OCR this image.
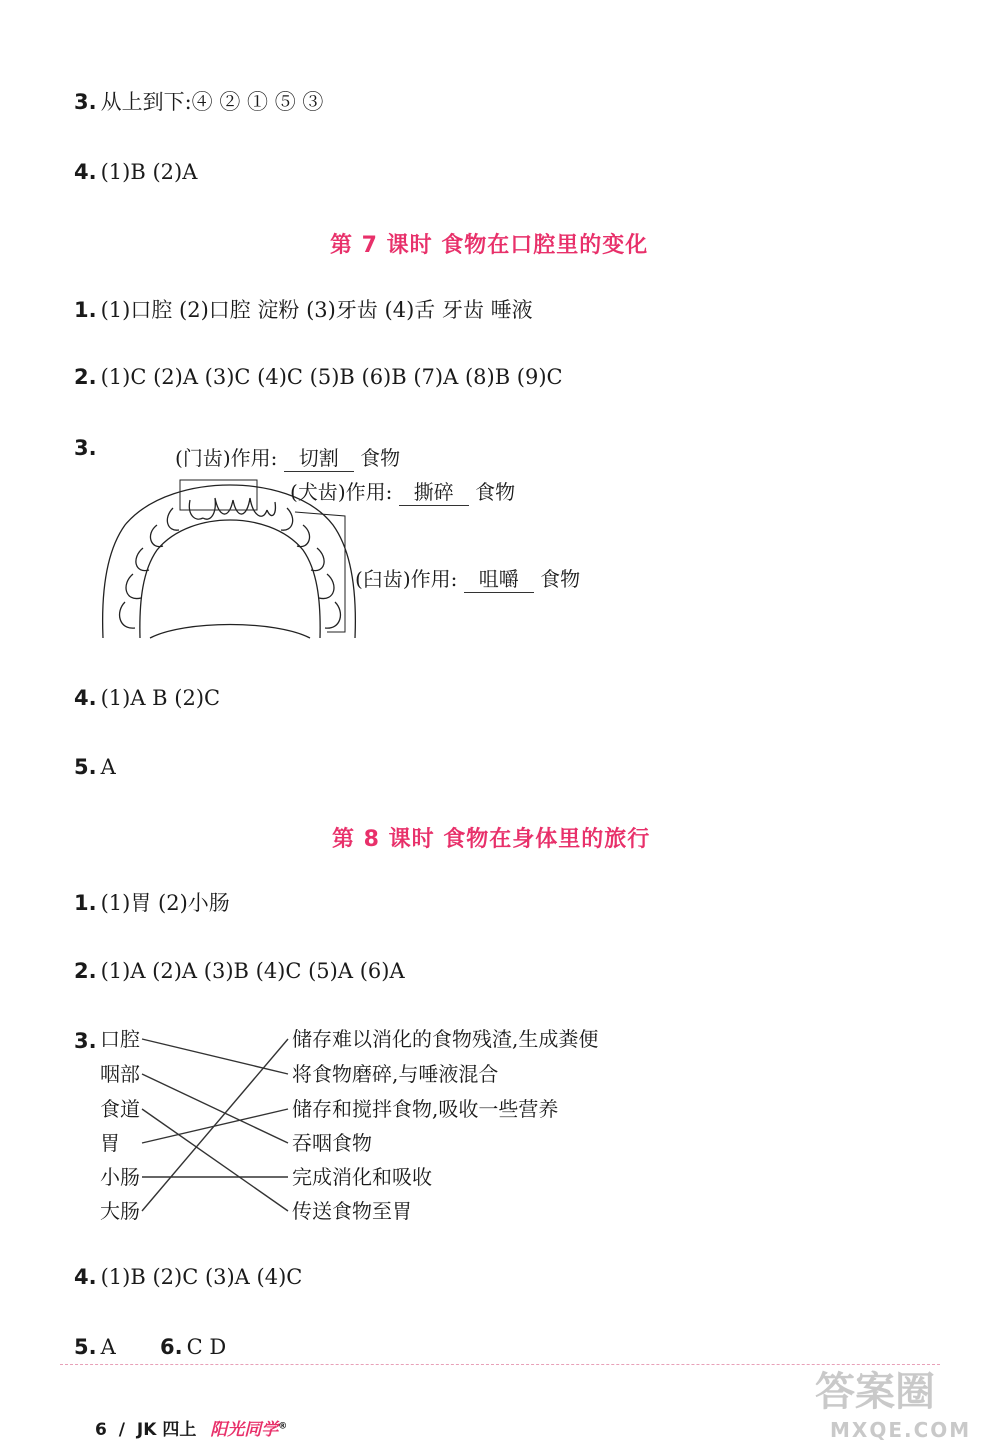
3. 从上到下:④ ② ① ⑤ ③
4. (1)B (2)A
第 7 课时 食物在口腔里的变化
1. (1)口腔 (2)口腔 淀粉 (3)牙齿 (4)舌 牙齿 唾液
2. (1)C (2)A (3)C (4)C (5)B (6)B (7)A (8)B (9)C
3.	(门齿)作用: 切割 食物
(犬齿)作用: 撕碎 食物
(臼齿)作用: 咀嚼 食物
4. (1)A B (2)C
5. A
第 8 课时 食物在身体里的旅行
1. (1)胃 (2)小肠
2. (1)A (2)A (3)B (4)C (5)A (6)A
3. 口腔
咽部
食道
胃
小肠
大肠
储存难以消化的食物残渣,生成粪便
将食物磨碎,与唾液混合
储存和搅拌食物,吸收一些营养
吞咽食物
完成消化和吸收
传送食物至胃
4. (1)B (2)C (3)A (4)C
5. A 6. C D
6 / JK 四上 阳光同学®
答案圈
MXQE.COM
